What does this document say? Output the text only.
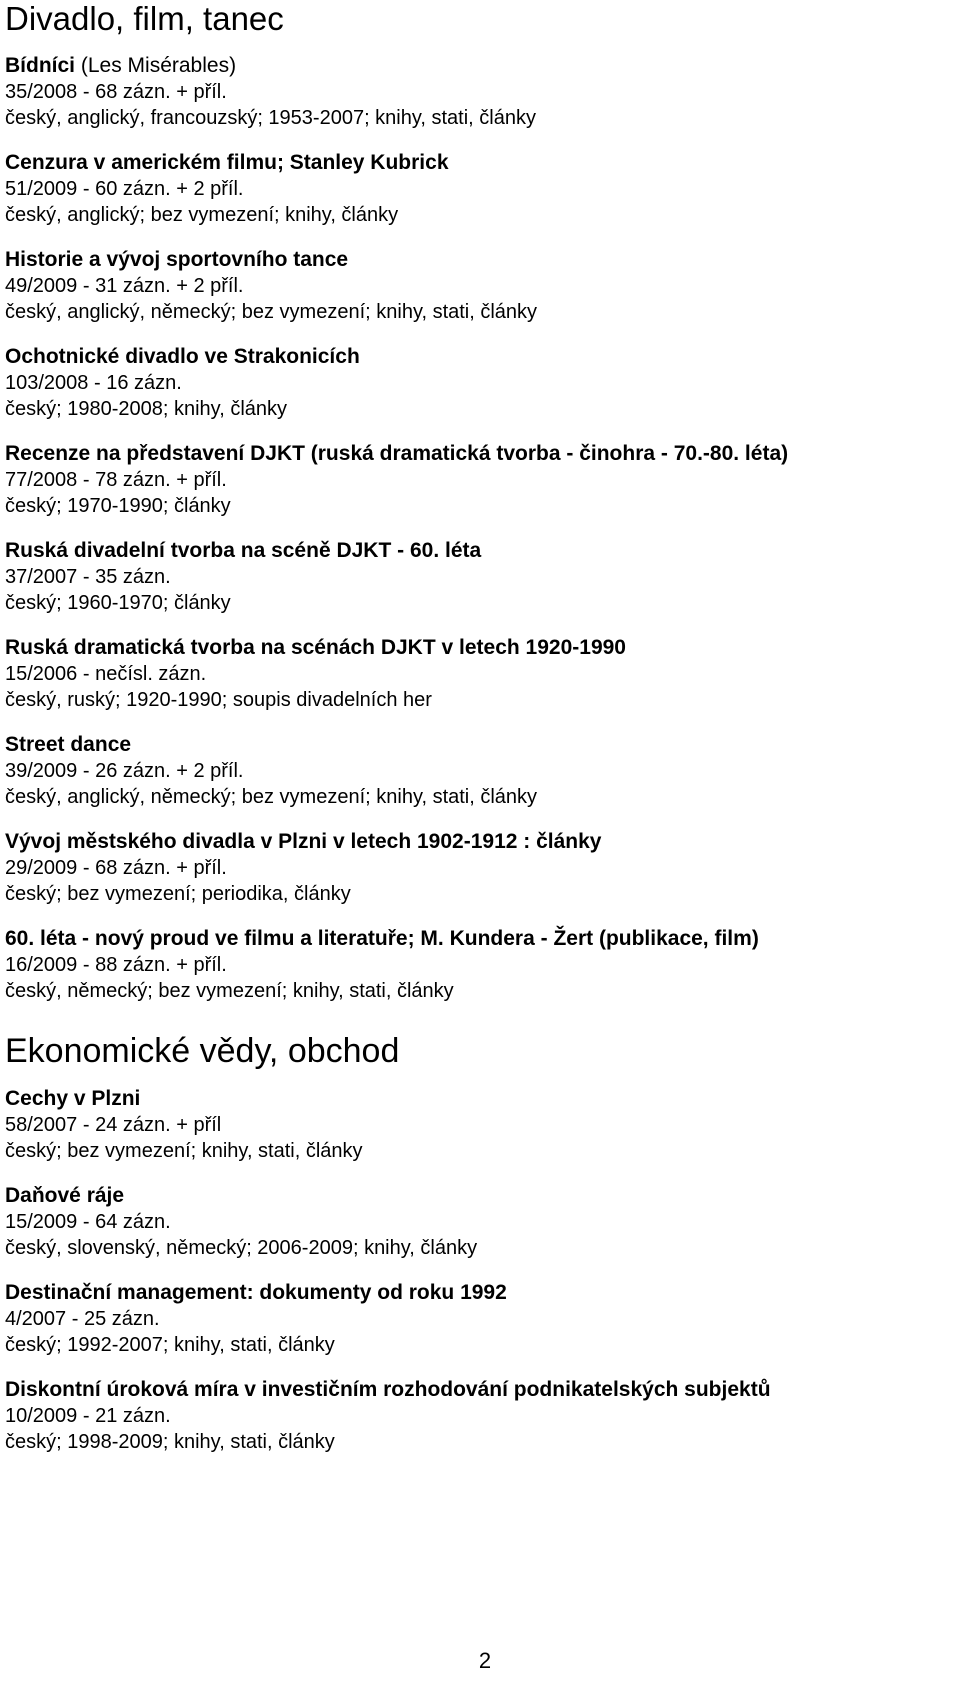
Divadlo, film, tanec
Bídníci (Les Misérables)
35/2008 - 68 zázn. + příl.
český, anglický, francouzský; 1953-2007; knihy, stati, články
Cenzura v americkém filmu; Stanley Kubrick
51/2009 - 60 zázn. + 2 příl.
český, anglický; bez vymezení; knihy, články
Historie a vývoj sportovního tance
49/2009 - 31 zázn. + 2 příl.
český, anglický, německý; bez vymezení; knihy, stati, články
Ochotnické divadlo ve Strakonicích
103/2008 - 16 zázn.
český; 1980-2008; knihy, články
Recenze na představení DJKT (ruská dramatická tvorba - činohra - 70.-80. léta)
77/2008 - 78 zázn. + příl.
český; 1970-1990; články
Ruská divadelní tvorba na scéně DJKT - 60. léta
37/2007 - 35 zázn.
český; 1960-1970; články
Ruská dramatická tvorba na scénách DJKT v letech 1920-1990
15/2006 - nečísl. zázn.
český, ruský; 1920-1990; soupis divadelních her
Street dance
39/2009 - 26 zázn. + 2 příl.
český, anglický, německý; bez vymezení; knihy, stati, články
Vývoj městského divadla v Plzni v letech 1902-1912 : články
29/2009 - 68 zázn. + příl.
český; bez vymezení; periodika, články
60. léta - nový proud ve filmu a literatuře; M. Kundera - Žert (publikace, film)
16/2009 - 88 zázn. + příl.
český, německý; bez vymezení; knihy, stati, články
Ekonomické vědy, obchod
Cechy v Plzni
58/2007 - 24 zázn. + příl
český; bez vymezení; knihy, stati, články
Daňové ráje
15/2009 - 64 zázn.
český, slovenský, německý; 2006-2009; knihy, články
Destinační management: dokumenty od roku 1992
4/2007 - 25 zázn.
český; 1992-2007; knihy, stati, články
Diskontní úroková míra v investičním rozhodování podnikatelských subjektů
10/2009 - 21 zázn.
český; 1998-2009; knihy, stati, články
2
